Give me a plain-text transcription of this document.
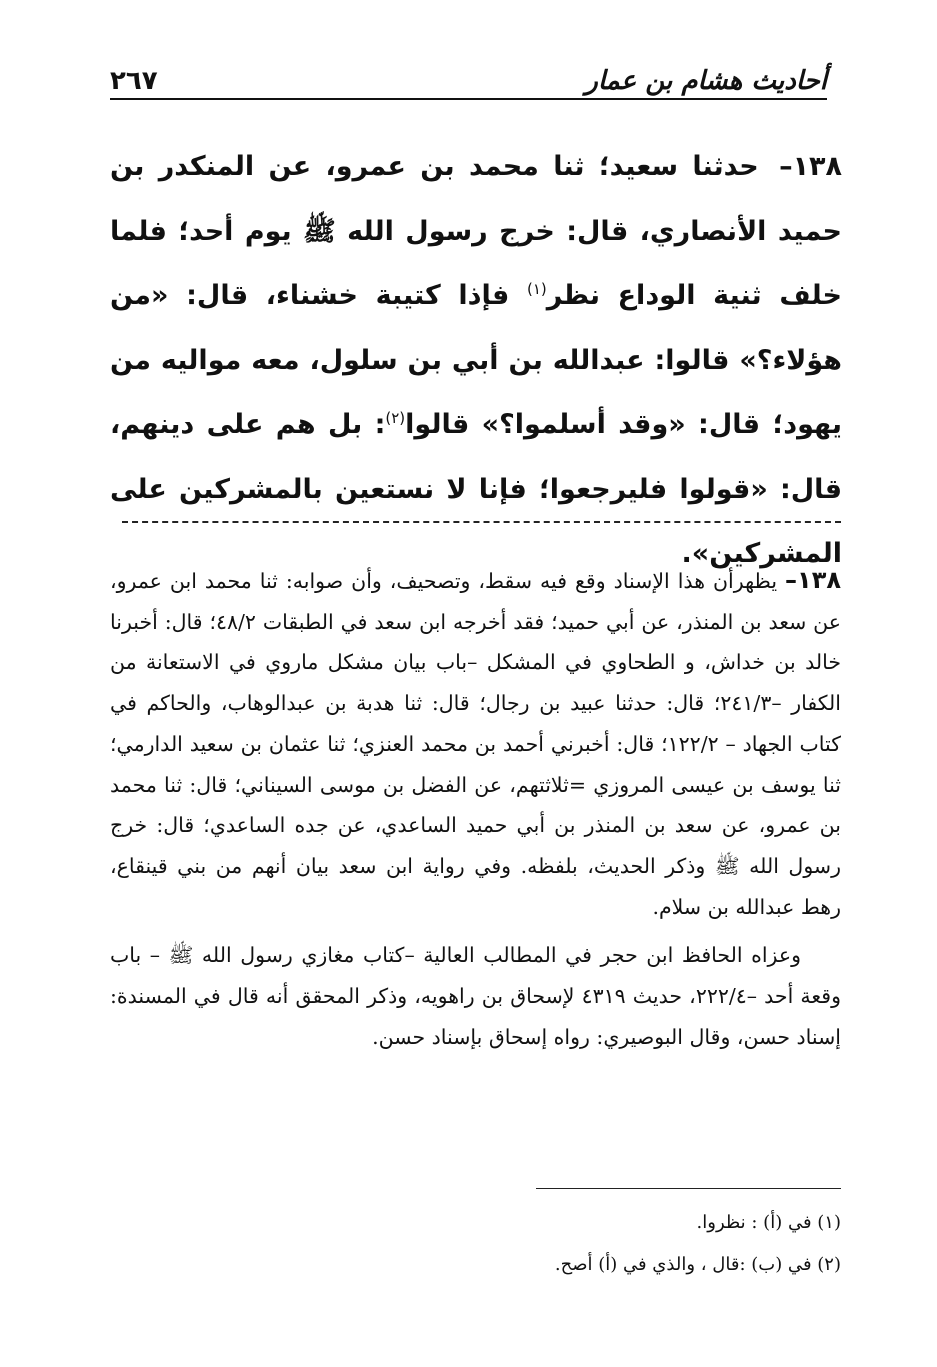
٢٦٧	أحاديث هشام بن عمار
١٣٨– حدثنا سعيد؛ ثنا محمد بن عمرو، عن المنكدر بن حميد الأنصاري، قال: خرج رسول الله ﷺ يوم أحد؛ فلما خلف ثنية الوداع نظر$^{(١)}$ فإذا كتيبة خشناء، قال: «من هؤلاء؟» قالوا: عبدالله بن أبي بن سلول، معه مواليه من يهود؛ قال: «وقد أسلموا؟» قالوا$^{(٢)}$: بل هم على دينهم، قال: «قولوا فليرجعوا؛ فإنا لا نستعين بالمشركين على المشركين».

١٣٨– يظهرأن هذا الإسناد وقع فيه سقط، وتصحيف، وأن صوابه: ثنا محمد ابن عمرو، عن سعد بن المنذر، عن أبي حميد؛ فقد أخرجه ابن سعد في الطبقات ٤٨/٢؛ قال: أخبرنا خالد بن خداش، و الطحاوي في المشكل –باب بيان مشكل ماروي في الاستعانة من الكفار –٢٤١/٣؛ قال: حدثنا عبيد بن رجال؛ قال: ثنا هدبة بن عبدالوهاب، والحاكم في كتاب الجهاد – ١٢٢/٢؛ قال: أخبرني أحمد بن محمد العنزي؛ ثنا عثمان بن سعيد الدارمي؛ ثنا يوسف بن عيسى المروزي =ثلاثتهم، عن الفضل بن موسى السيناني؛ قال: ثنا محمد بن عمرو، عن سعد بن المنذر بن أبي حميد الساعدي، عن جده الساعدي؛ قال: خرج رسول الله ﷺ وذكر الحديث، بلفظه. وفي رواية ابن سعد بيان أنهم من بني قينقاع، رهط عبدالله بن سلام.

وعزاه الحافظ ابن حجر في المطالب العالية –كتاب مغازي رسول الله ﷺ – باب وقعة أحد –٢٢٢/٤، حديث ٤٣١٩ لإسحاق بن راهويه، وذكر المحقق أنه قال في المسندة: إسناد حسن، وقال البوصيري: رواه إسحاق بإسناد حسن.

(١) في (أ) : نظروا.
(٢) في (ب) :قال ، والذي في (أ) أصح.
